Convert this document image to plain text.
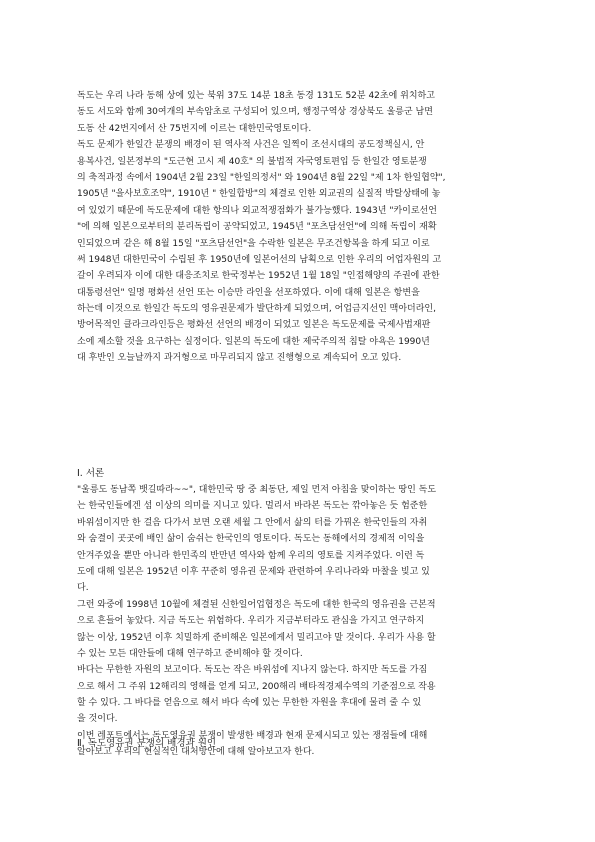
독도는 우리 나라 동해 상에 있는 북위 37도 14분 18초 동경 131도 52분 42초에 위치하고
동도 서도와 함께 30여개의 부속암초로 구성되어 있으며, 행정구역상 경상북도 울릉군 남면
도동 산 42번지에서 산 75번지에 이르는 대한민국영토이다.
독도 문제가 한일간 분쟁의 배경이 된 역사적 사건은 일찍이 조선시대의 공도정책실시, 안
용복사건, 일본정부의 "도근현 고시 제 40호" 의 불법적 자국영토편입 등 한일간 영토분쟁
의 축적과정 속에서 1904년 2월 23일 "한일의정서" 와 1904년 8월 22일 "제 1차 한일협약",
1905년 "을사보호조약", 1910년 " 한일합방"의 체결로 인한 외교권의 실질적 박탈상태에 놓
여 있었기 때문에 독도문제에 대한 항의나 외교적쟁점화가 불가능했다. 1943년 "카이로선언
"에 의해 일본으로부터의 분리독립이 공약되었고, 1945년 "포츠담선언"에 의해 독립이 재확
인되었으며 같은 해 8월 15일 "포츠담선언"을 수락한 일본은 무조건항복을 하게 되고 이로
써 1948년 대한민국이 수립된 후 1950년에 일본어선의 남획으로 인한 우리의 어업자원의 고
갈이 우려되자 이에 대한 대응조치로 한국정부는 1952년 1월 18일 "인접해양의 주권에 관한
대통령선언" 일명 평화선 선언 또는 이승만 라인을 선포하였다. 이에 대해 일본은 항변을
하는데 이것으로 한일간 독도의 영유권문제가 발단하게 되었으며, 어업금지선인 맥아더라인,
방어목적인 클라크라인등은 평화선 선언의 배경이 되었고 일본은 독도문제를 국제사법재판
소에 제소할 것을 요구하는 실정이다. 일본의 독도에 대한 제국주의적 침탈 야욕은 1990년
대 후반인 오늘날까지 과거형으로 마무리되지 않고 진행형으로 계속되어 오고 있다.
Ⅰ. 서론
"울릉도 동남쪽 뱃길따라~~", 대한민국 땅 중 최동단, 제일 먼저 아침을 맞이하는 땅인 독도
는 한국인들에겐 섬 이상의 의미를 지니고 있다. 멀리서 바라본 독도는 깎아놓은 듯 험준한
바위섬이지만 한 걸음 다가서 보면 오랜 세월 그 안에서 삶의 터를 가꿔온 한국인들의 자취
와 숨결이 곳곳에 배인 삶이 숨쉬는 한국인의 영토이다. 독도는 동해에서의 경제적 이익을
안겨주었을 뿐만 아니라 한민족의 반만년 역사와 함께 우리의 영토를 지켜주었다. 이런 독
도에 대해 일본은 1952년 이후 꾸준히 영유권 문제와 관련하여 우리나라와 마찰을 빚고 있
다.
그런 와중에 1998년 10월에 체결된 신한일어업협정은 독도에 대한 한국의 영유권을 근본적
으로 흔들어 놓았다. 지금 독도는 위험하다. 우리가 지금부터라도 관심을 가지고 연구하지
않는 이상, 1952년 이후 치밀하게 준비해온 일본에게서 밀리고야 말 것이다. 우리가 사용 할
수 있는 모든 대안들에 대해 연구하고 준비해야 할 것이다.
바다는 무한한 자원의 보고이다. 독도는 작은 바위섬에 지나지 않는다. 하지만 독도를 가짐
으로 해서 그 주위 12해리의 영해를 얻게 되고, 200해리 배타적경제수역의 기준점으로 작용
할 수 있다. 그 바다를 얻음으로 해서 바다 속에 있는 무한한 자원을 후대에 물려 줄 수 있
을 것이다.
이번 레포트에서는 독도영유권 분쟁이 발생한 배경과 현재 문제시되고 있는 쟁점들에 대해
알아보고 우리의 현실적인 대처방안에 대해 알아보고자 한다.
Ⅱ. 독도영유권 분쟁의 배경과 원인
